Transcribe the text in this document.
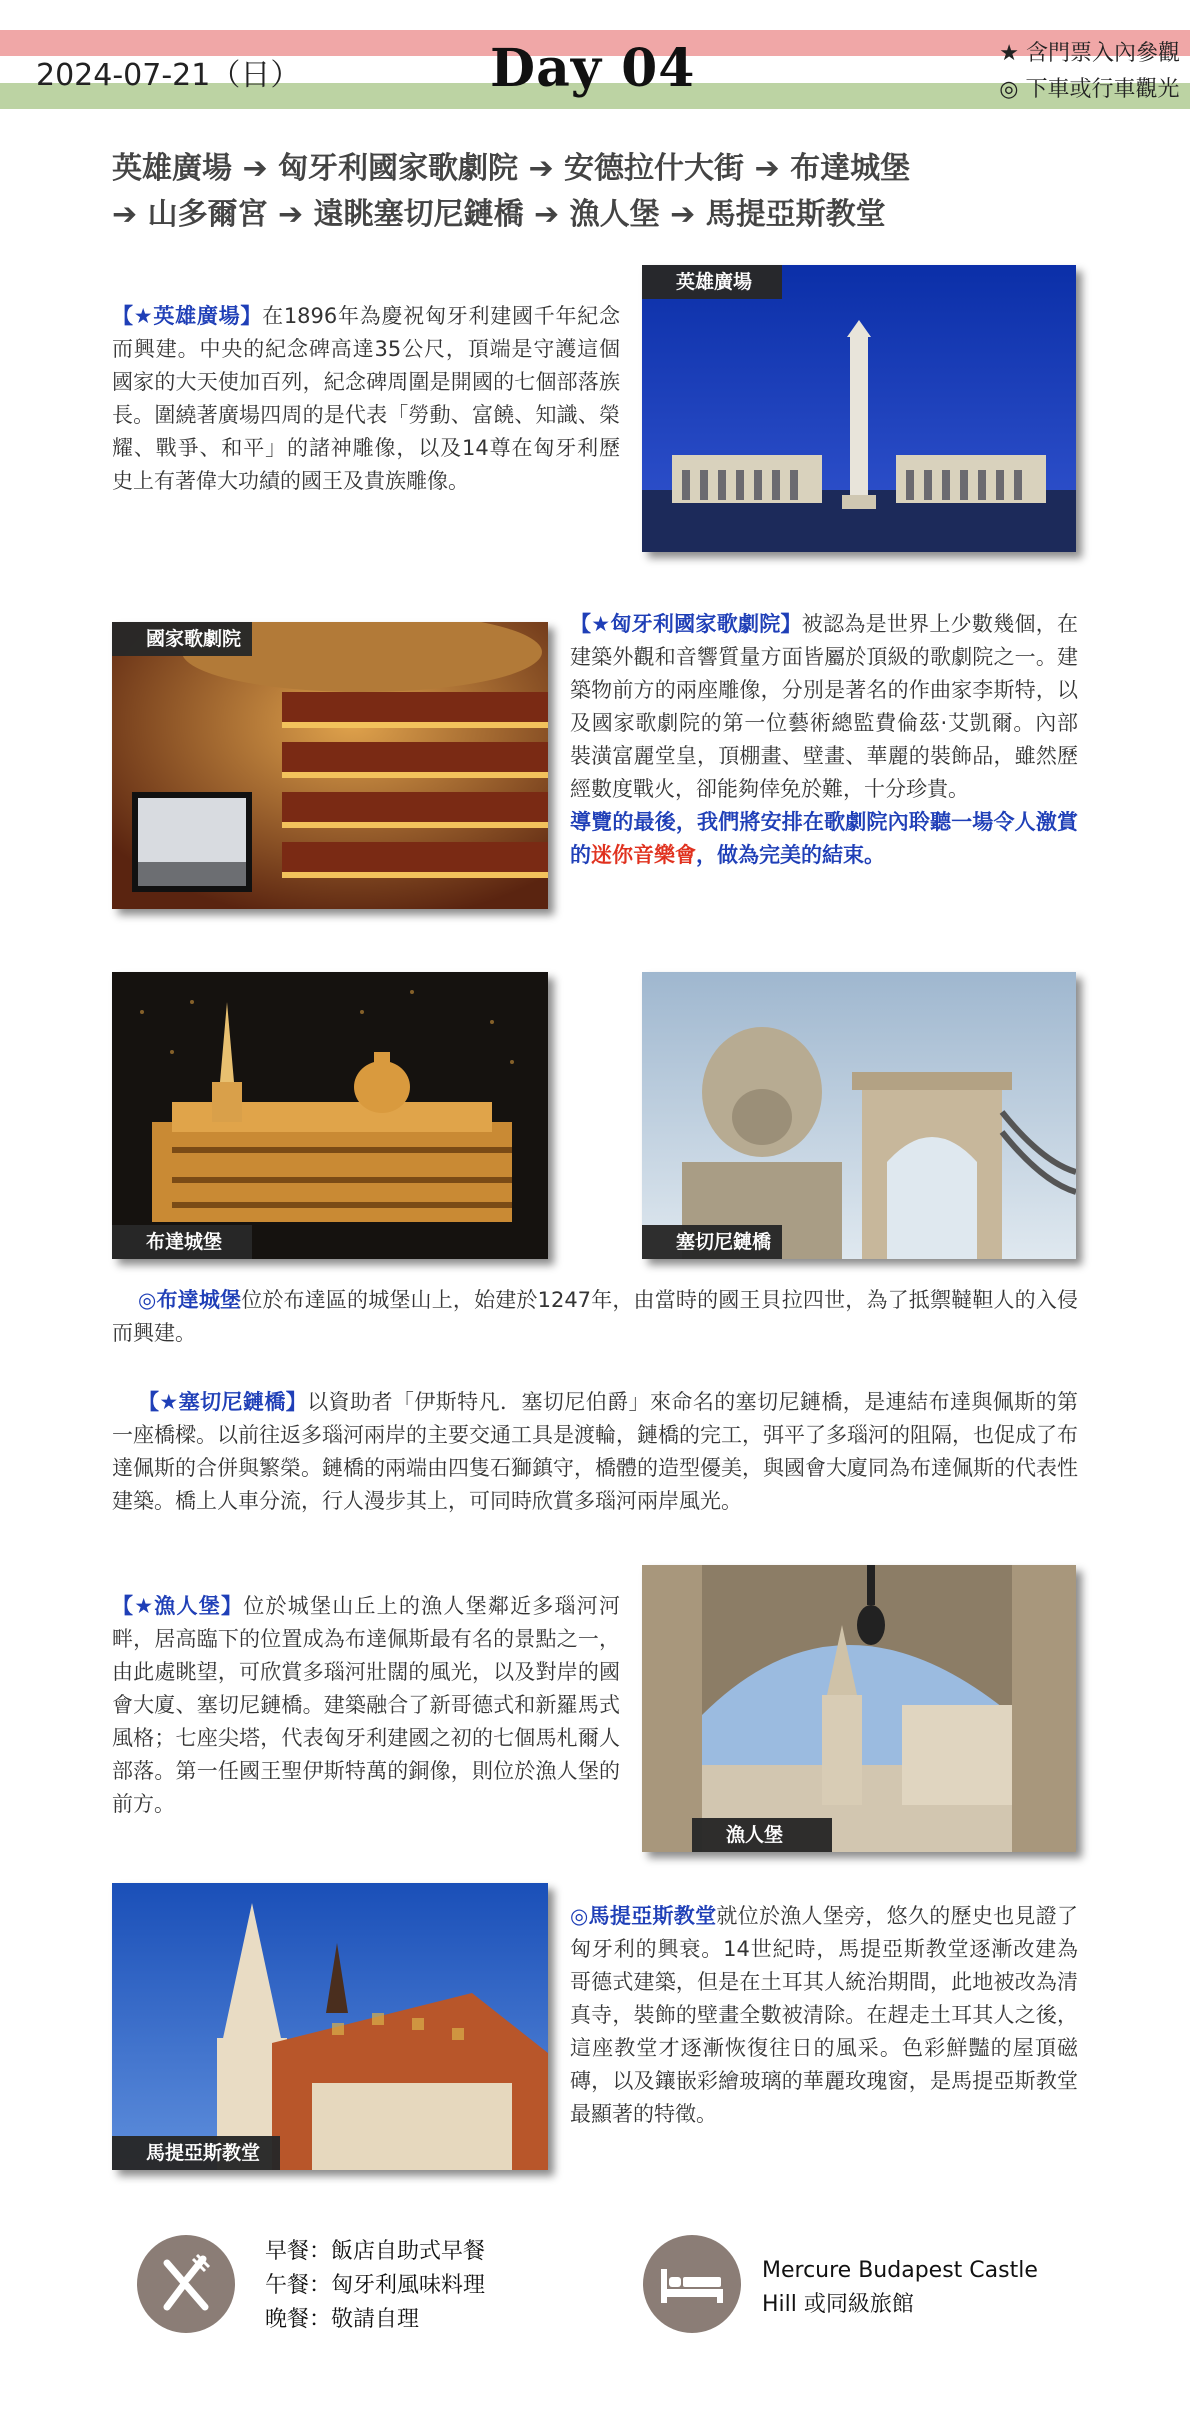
2024-07-21（日）	Day 04	★ 含門票入內參觀
◎ 下車或行車觀光
英雄廣場 ➔ 匈牙利國家歌劇院 ➔ 安德拉什大街 ➔ 布達城堡
➔ 山多爾宮 ➔ 遠眺塞切尼鏈橋 ➔ 漁人堡 ➔ 馬提亞斯教堂
【★英雄廣場】在1896年為慶祝匈牙利建國千年紀念而興建。中央的紀念碑高達35公尺，頂端是守護這個國家的大天使加百列，紀念碑周圍是開國的七個部落族長。圍繞著廣場四周的是代表「勞動、富饒、知識、榮耀、戰爭、和平」的諸神雕像，以及14尊在匈牙利歷史上有著偉大功績的國王及貴族雕像。
英雄廣場
國家歌劇院
【★匈牙利國家歌劇院】被認為是世界上少數幾個，在建築外觀和音響質量方面皆屬於頂級的歌劇院之一。建築物前方的兩座雕像，分別是著名的作曲家李斯特，以及國家歌劇院的第一位藝術總監費倫茲·艾凱爾。內部裝潢富麗堂皇，頂棚畫、壁畫、華麗的裝飾品，雖然歷經數度戰火，卻能夠倖免於難，十分珍貴。
導覽的最後，我們將安排在歌劇院內聆聽一場令人激賞的迷你音樂會，做為完美的結束。
布達城堡	塞切尼鏈橋
◎布達城堡位於布達區的城堡山上，始建於1247年，由當時的國王貝拉四世，為了抵禦韃靼人的入侵而興建。
【★塞切尼鏈橋】以資助者「伊斯特凡．塞切尼伯爵」來命名的塞切尼鏈橋，是連結布達與佩斯的第一座橋樑。以前往返多瑙河兩岸的主要交通工具是渡輪，鏈橋的完工，弭平了多瑙河的阻隔，也促成了布達佩斯的合併與繁榮。鏈橋的兩端由四隻石獅鎮守，橋體的造型優美，與國會大廈同為布達佩斯的代表性建築。橋上人車分流，行人漫步其上，可同時欣賞多瑙河兩岸風光。
【★漁人堡】位於城堡山丘上的漁人堡鄰近多瑙河河畔，居高臨下的位置成為布達佩斯最有名的景點之一，由此處眺望，可欣賞多瑙河壯闊的風光，以及對岸的國會大廈、塞切尼鏈橋。建築融合了新哥德式和新羅馬式風格；七座尖塔，代表匈牙利建國之初的七個馬札爾人部落。第一任國王聖伊斯特萬的銅像，則位於漁人堡的前方。
漁人堡
馬提亞斯教堂
◎馬提亞斯教堂就位於漁人堡旁，悠久的歷史也見證了匈牙利的興衰。14世紀時，馬提亞斯教堂逐漸改建為哥德式建築，但是在土耳其人統治期間，此地被改為清真寺，裝飾的壁畫全數被清除。在趕走土耳其人之後，這座教堂才逐漸恢復往日的風采。色彩鮮豔的屋頂磁磚，以及鑲嵌彩繪玻璃的華麗玫瑰窗，是馬提亞斯教堂最顯著的特徵。
早餐：飯店自助式早餐
午餐：匈牙利風味料理
晚餐：敬請自理
Mercure Budapest Castle
Hill 或同級旅館
